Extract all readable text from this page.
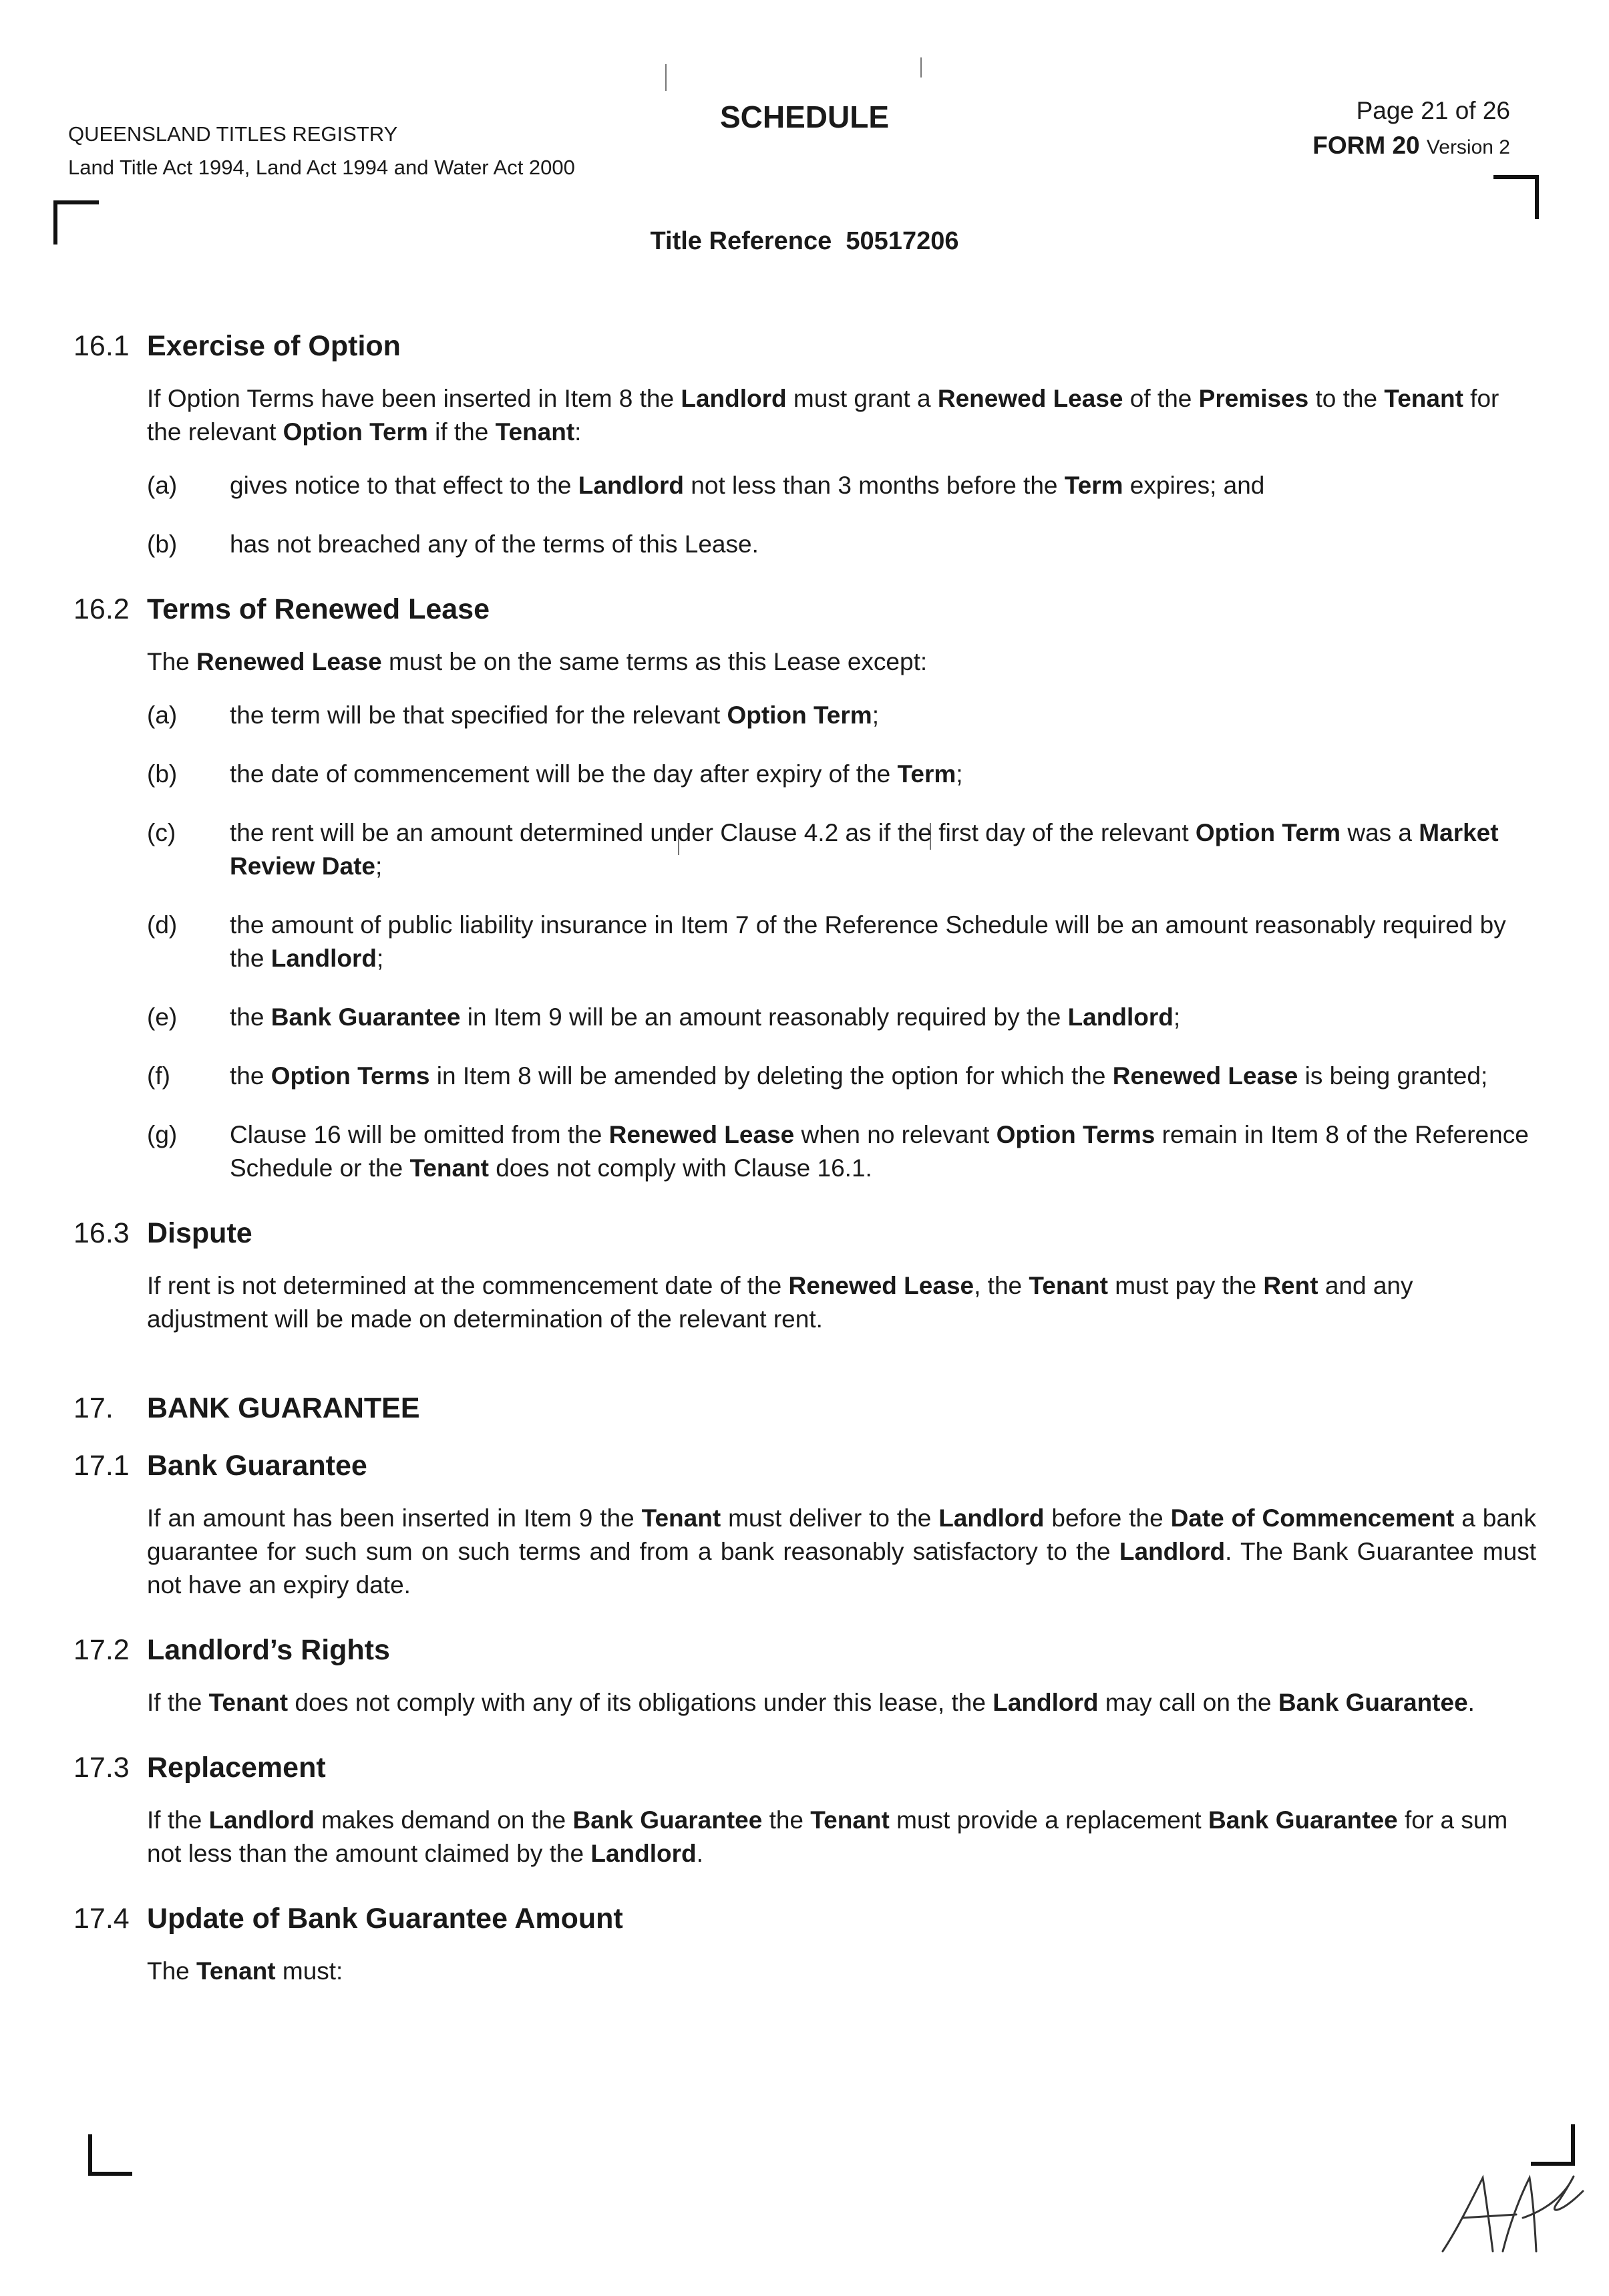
QUEENSLAND TITLES REGISTRY
Land Title Act 1994, Land Act 1994 and Water Act 2000
SCHEDULE	Page 21 of 26
FORM 20 Version 2
Title Reference 50517206
16.1 Exercise of Option
If Option Terms have been inserted in Item 8 the Landlord must grant a Renewed Lease of the Premises to the Tenant for the relevant Option Term if the Tenant:
(a) gives notice to that effect to the Landlord not less than 3 months before the Term expires; and
(b) has not breached any of the terms of this Lease.
16.2 Terms of Renewed Lease
The Renewed Lease must be on the same terms as this Lease except:
(a) the term will be that specified for the relevant Option Term;
(b) the date of commencement will be the day after expiry of the Term;
(c) the rent will be an amount determined under Clause 4.2 as if the first day of the relevant Option Term was a Market Review Date;
(d) the amount of public liability insurance in Item 7 of the Reference Schedule will be an amount reasonably required by the Landlord;
(e) the Bank Guarantee in Item 9 will be an amount reasonably required by the Landlord;
(f) the Option Terms in Item 8 will be amended by deleting the option for which the Renewed Lease is being granted;
(g) Clause 16 will be omitted from the Renewed Lease when no relevant Option Terms remain in Item 8 of the Reference Schedule or the Tenant does not comply with Clause 16.1.
16.3 Dispute
If rent is not determined at the commencement date of the Renewed Lease, the Tenant must pay the Rent and any adjustment will be made on determination of the relevant rent.
17. BANK GUARANTEE
17.1 Bank Guarantee
If an amount has been inserted in Item 9 the Tenant must deliver to the Landlord before the Date of Commencement a bank guarantee for such sum on such terms and from a bank reasonably satisfactory to the Landlord. The Bank Guarantee must not have an expiry date.
17.2 Landlord’s Rights
If the Tenant does not comply with any of its obligations under this lease, the Landlord may call on the Bank Guarantee.
17.3 Replacement
If the Landlord makes demand on the Bank Guarantee the Tenant must provide a replacement Bank Guarantee for a sum not less than the amount claimed by the Landlord.
17.4 Update of Bank Guarantee Amount
The Tenant must:
